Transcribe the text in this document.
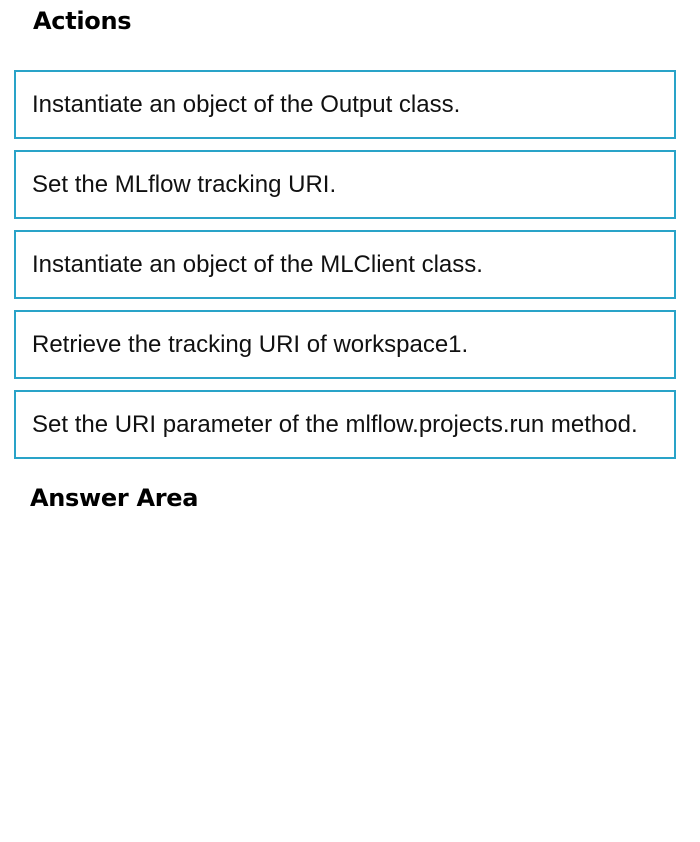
Actions
Instantiate an object of the Output class.
Set the MLflow tracking URI.
Instantiate an object of the MLClient class.
Retrieve the tracking URI of workspace1.
Set the URI parameter of the mlflow.projects.run method.
Answer Area
